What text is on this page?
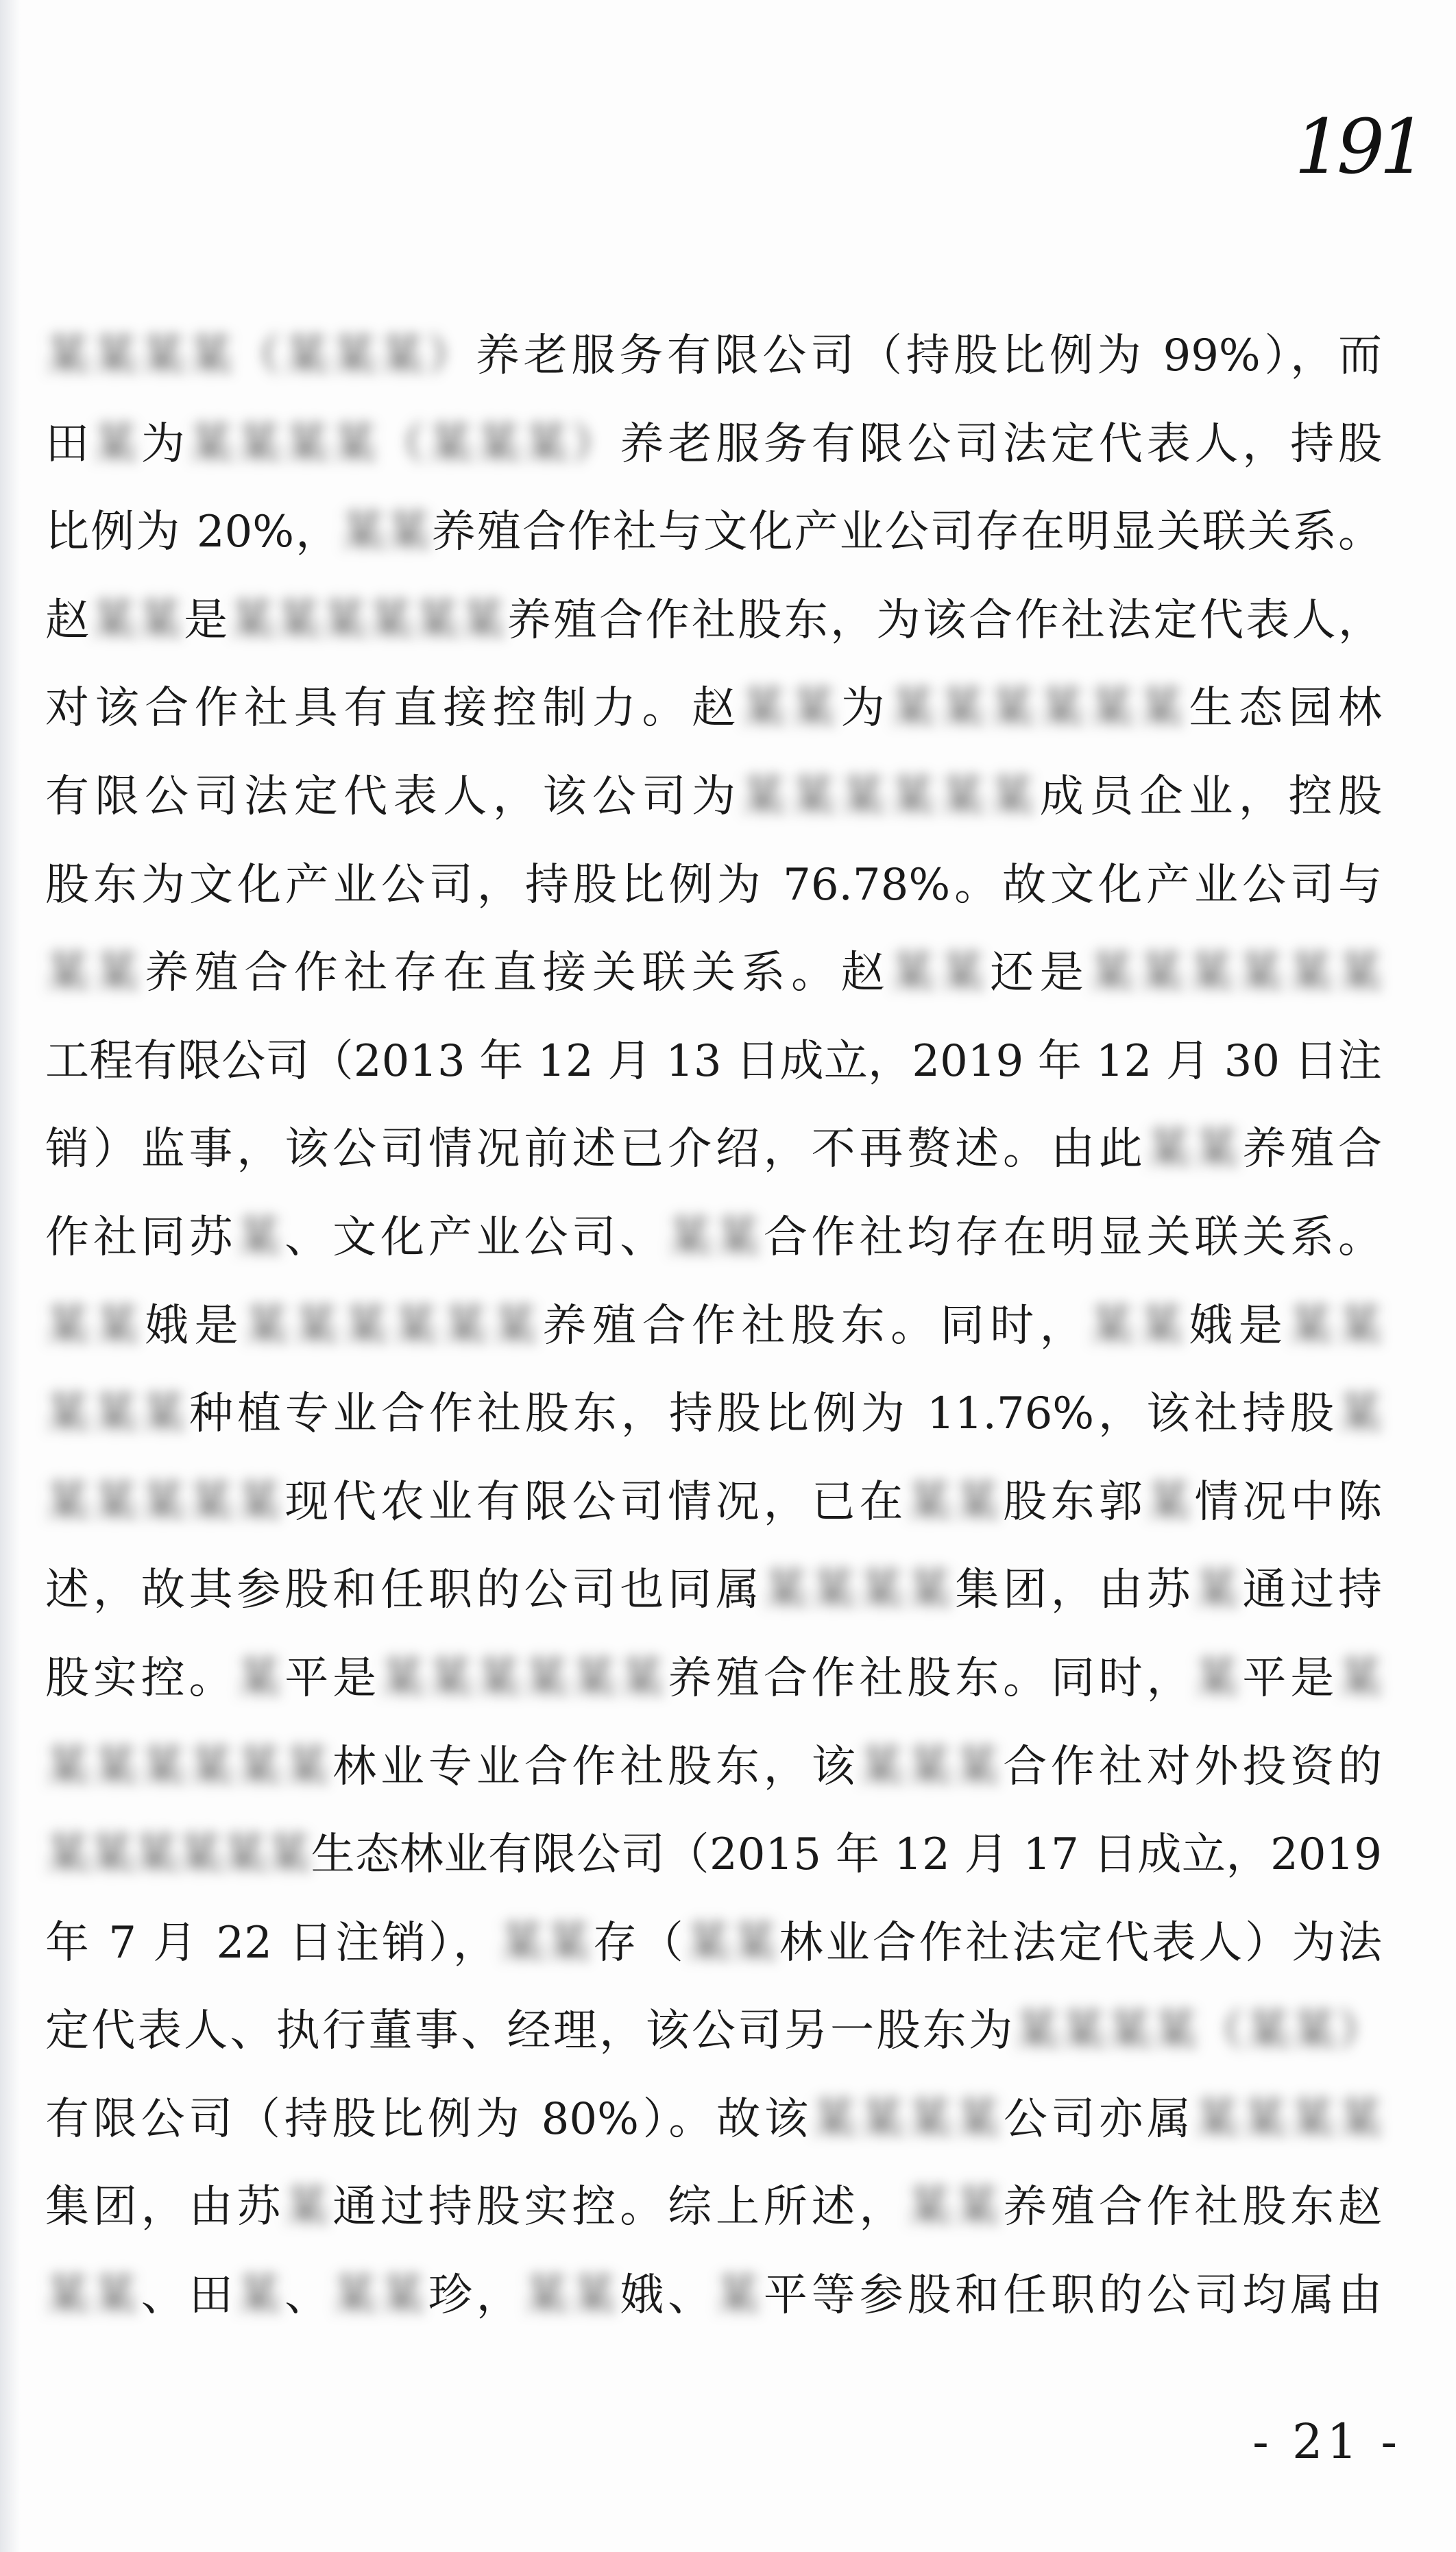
191
某某某某（某某某）养老服务有限公司（持股比例为 99%），而
田某为某某某某（某某某）养老服务有限公司法定代表人，持股
比例为 20%，某某养殖合作社与文化产业公司存在明显关联关系。
赵某某是某某某某某某养殖合作社股东，为该合作社法定代表人，
对该合作社具有直接控制力。赵某某为某某某某某某生态园林
有限公司法定代表人，该公司为某某某某某某成员企业，控股
股东为文化产业公司，持股比例为 76.78%。故文化产业公司与
某某养殖合作社存在直接关联关系。赵某某还是某某某某某某
工程有限公司（2013 年 12 月 13 日成立，2019 年 12 月 30 日注
销）监事，该公司情况前述已介绍，不再赘述。由此某某养殖合
作社同苏某、文化产业公司、某某合作社均存在明显关联关系。
某某娥是某某某某某某养殖合作社股东。同时，某某娥是某某
某某某种植专业合作社股东，持股比例为 11.76%，该社持股某
某某某某某现代农业有限公司情况，已在某某股东郭某情况中陈
述，故其参股和任职的公司也同属某某某某集团，由苏某通过持
股实控。某平是某某某某某某养殖合作社股东。同时，某平是某
某某某某某某林业专业合作社股东，该某某某合作社对外投资的
某某某某某某生态林业有限公司（2015 年 12 月 17 日成立，2019
年 7 月 22 日注销），某某存（某某林业合作社法定代表人）为法
定代表人、执行董事、经理，该公司另一股东为某某某某（某某）
有限公司（持股比例为 80%）。故该某某某某公司亦属某某某某
集团，由苏某通过持股实控。综上所述，某某养殖合作社股东赵
某某、田某、某某珍，某某娥、某平等参股和任职的公司均属由
- 21 -
